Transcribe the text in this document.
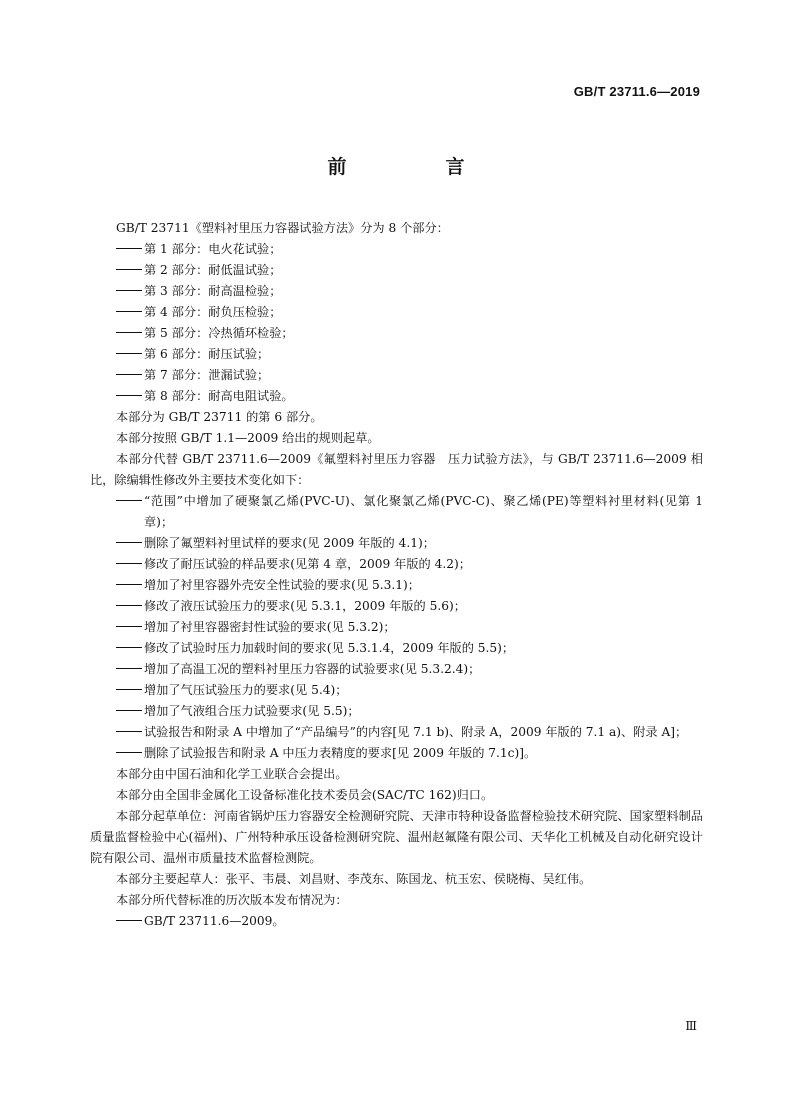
GB/T 23711.6—2019
前　言

GB/T 23711《塑料衬里压力容器试验方法》分为 8 个部分：

第 1 部分：电火花试验；

第 2 部分：耐低温试验；

第 3 部分：耐高温检验；

第 4 部分：耐负压检验；

第 5 部分：冷热循环检验；

第 6 部分：耐压试验；

第 7 部分：泄漏试验；

第 8 部分：耐高电阻试验。

本部分为 GB/T 23711 的第 6 部分。

本部分按照 GB/T 1.1—2009 给出的规则起草。

本部分代替 GB/T 23711.6—2009《氟塑料衬里压力容器　压力试验方法》，与 GB/T 23711.6—2009 相比，除编辑性修改外主要技术变化如下：

“范围”中增加了硬聚氯乙烯(PVC-U)、氯化聚氯乙烯(PVC-C)、聚乙烯(PE)等塑料衬里材料(见第 1 章)；

删除了氟塑料衬里试样的要求(见 2009 年版的 4.1)；

修改了耐压试验的样品要求(见第 4 章，2009 年版的 4.2)；

增加了衬里容器外壳安全性试验的要求(见 5.3.1)；

修改了液压试验压力的要求(见 5.3.1，2009 年版的 5.6)；

增加了衬里容器密封性试验的要求(见 5.3.2)；

修改了试验时压力加载时间的要求(见 5.3.1.4，2009 年版的 5.5)；

增加了高温工况的塑料衬里压力容器的试验要求(见 5.3.2.4)；

增加了气压试验压力的要求(见 5.4)；

增加了气液组合压力试验要求(见 5.5)；

试验报告和附录 A 中增加了“产品编号”的内容[见 7.1 b)、附录 A，2009 年版的 7.1 a)、附录 A]；

删除了试验报告和附录 A 中压力表精度的要求[见 2009 年版的 7.1c)]。

本部分由中国石油和化学工业联合会提出。

本部分由全国非金属化工设备标准化技术委员会(SAC/TC 162)归口。

本部分起草单位：河南省锅炉压力容器安全检测研究院、天津市特种设备监督检验技术研究院、国家塑料制品质量监督检验中心(福州)、广州特种承压设备检测研究院、温州赵氟隆有限公司、天华化工机械及自动化研究设计院有限公司、温州市质量技术监督检测院。

本部分主要起草人：张平、韦晨、刘昌财、李茂东、陈国龙、杭玉宏、侯晓梅、吴红伟。

本部分所代替标准的历次版本发布情况为：

GB/T 23711.6—2009。

Ⅲ
